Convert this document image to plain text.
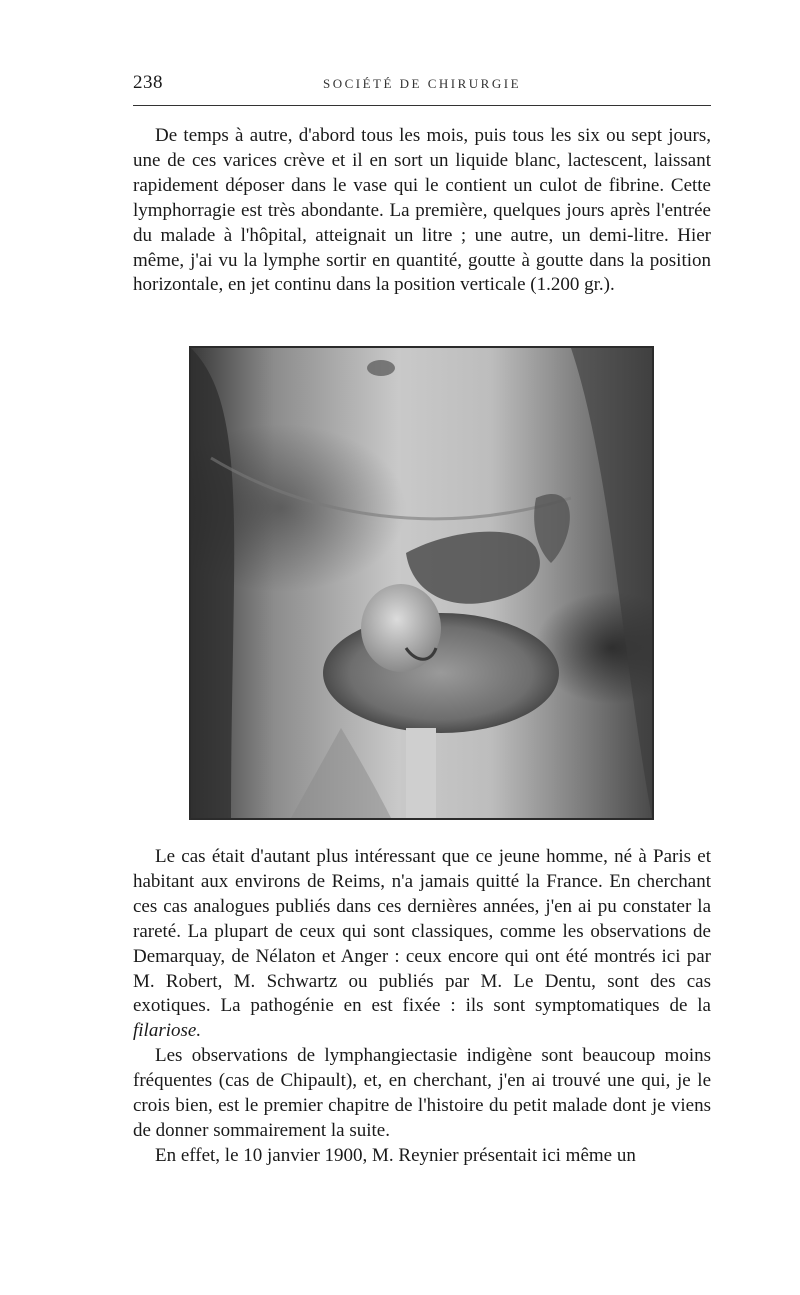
238	SOCIÉTÉ DE CHIRURGIE

De temps à autre, d'abord tous les mois, puis tous les six ou sept jours, une de ces varices crève et il en sort un liquide blanc, lactescent, laissant rapidement déposer dans le vase qui le contient un culot de fibrine. Cette lymphorragie est très abondante. La première, quelques jours après l'entrée du malade à l'hôpital, atteignait un litre ; une autre, un demi-litre. Hier même, j'ai vu la lymphe sortir en quantité, goutte à goutte dans la position horizontale, en jet continu dans la position verticale (1.200 gr.).

Le cas était d'autant plus intéressant que ce jeune homme, né à Paris et habitant aux environs de Reims, n'a jamais quitté la France. En cherchant ces cas analogues publiés dans ces dernières années, j'en ai pu constater la rareté. La plupart de ceux qui sont classiques, comme les observations de Demarquay, de Nélaton et Anger : ceux encore qui ont été montrés ici par M. Robert, M. Schwartz ou publiés par M. Le Dentu, sont des cas exotiques. La pathogénie en est fixée : ils sont symptomatiques de la filariose.

Les observations de lymphangiectasie indigène sont beaucoup moins fréquentes (cas de Chipault), et, en cherchant, j'en ai trouvé une qui, je le crois bien, est le premier chapitre de l'histoire du petit malade dont je viens de donner sommairement la suite.

En effet, le 10 janvier 1900, M. Reynier présentait ici même un
